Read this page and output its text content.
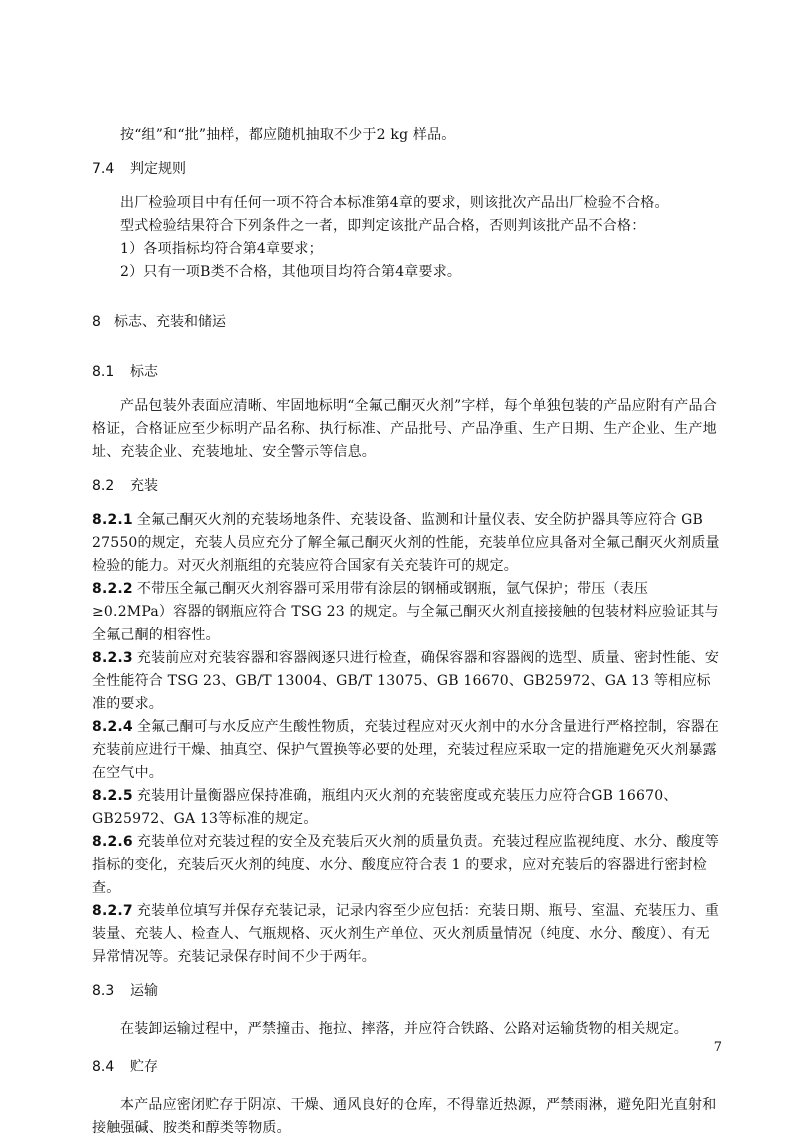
按“组”和“批”抽样，都应随机抽取不少于2 kg 样品。

7.4 判定规则

出厂检验项目中有任何一项不符合本标准第4章的要求，则该批次产品出厂检验不合格。

型式检验结果符合下列条件之一者，即判定该批产品合格，否则判该批产品不合格：

1）各项指标均符合第4章要求；

2）只有一项B类不合格，其他项目均符合第4章要求。

8 标志、充装和储运
8.1 标志

产品包装外表面应清晰、牢固地标明“全氟己酮灭火剂”字样，每个单独包装的产品应附有产品合格证，合格证应至少标明产品名称、执行标准、产品批号、产品净重、生产日期、生产企业、生产地址、充装企业、充装地址、安全警示等信息。

8.2 充装

8.2.1 全氟己酮灭火剂的充装场地条件、充装设备、监测和计量仪表、安全防护器具等应符合 GB 27550的规定，充装人员应充分了解全氟己酮灭火剂的性能，充装单位应具备对全氟己酮灭火剂质量检验的能力。对灭火剂瓶组的充装应符合国家有关充装许可的规定。

8.2.2 不带压全氟己酮灭火剂容器可采用带有涂层的钢桶或钢瓶，氩气保护；带压（表压≥0.2MPa）容器的钢瓶应符合 TSG 23 的规定。与全氟己酮灭火剂直接接触的包装材料应验证其与全氟己酮的相容性。

8.2.3 充装前应对充装容器和容器阀逐只进行检查，确保容器和容器阀的选型、质量、密封性能、安全性能符合 TSG 23、GB/T 13004、GB/T 13075、GB 16670、GB25972、GA 13 等相应标准的要求。

8.2.4 全氟己酮可与水反应产生酸性物质，充装过程应对灭火剂中的水分含量进行严格控制，容器在充装前应进行干燥、抽真空、保护气置换等必要的处理，充装过程应采取一定的措施避免灭火剂暴露在空气中。

8.2.5 充装用计量衡器应保持准确，瓶组内灭火剂的充装密度或充装压力应符合GB 16670、GB25972、GA 13等标准的规定。

8.2.6 充装单位对充装过程的安全及充装后灭火剂的质量负责。充装过程应监视纯度、水分、酸度等指标的变化，充装后灭火剂的纯度、水分、酸度应符合表 1 的要求，应对充装后的容器进行密封检查。

8.2.7 充装单位填写并保存充装记录，记录内容至少应包括：充装日期、瓶号、室温、充装压力、重装量、充装人、检查人、气瓶规格、灭火剂生产单位、灭火剂质量情况（纯度、水分、酸度）、有无异常情况等。充装记录保存时间不少于两年。

8.3 运输

在装卸运输过程中，严禁撞击、拖拉、摔落，并应符合铁路、公路对运输货物的相关规定。

8.4 贮存

本产品应密闭贮存于阴凉、干燥、通风良好的仓库，不得靠近热源，严禁雨淋，避免阳光直射和接触强碱、胺类和醇类等物质。

7
